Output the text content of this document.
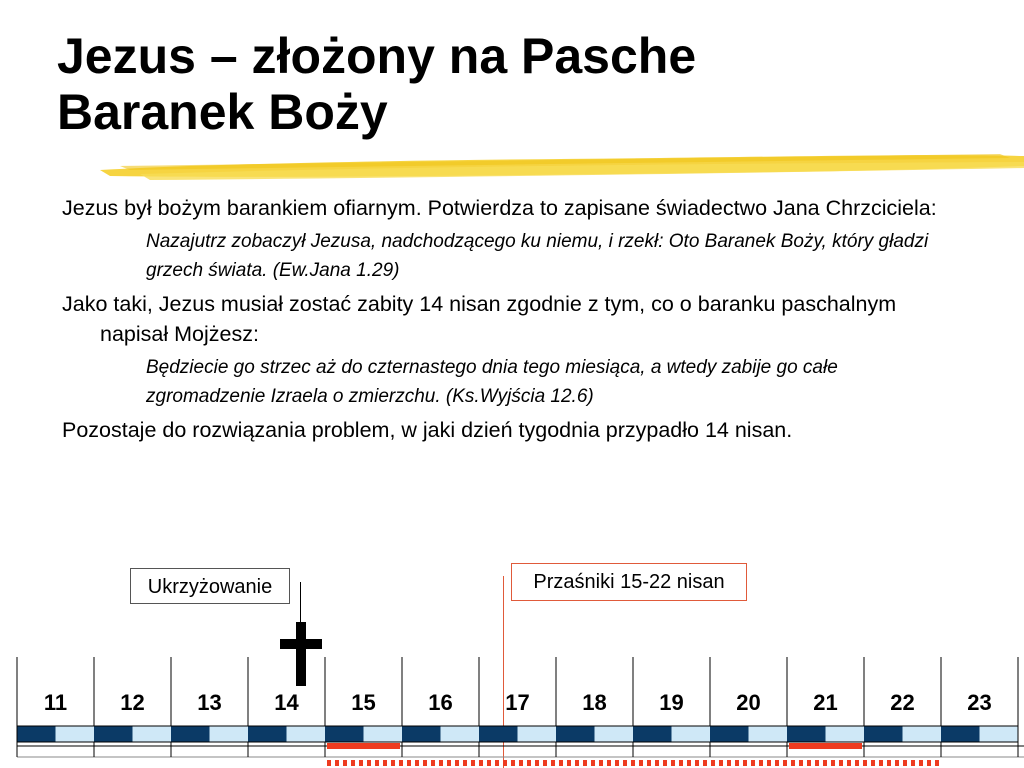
Jezus – złożony na Pasche
Baranek Boży

Jezus był bożym barankiem ofiarnym. Potwierdza to zapisane świadectwo Jana Chrzciciela:

Nazajutrz zobaczył Jezusa, nadchodzącego ku niemu, i rzekł: Oto Baranek Boży, który gładzi grzech świata. (Ew.Jana 1.29)

Jako taki, Jezus musiał zostać zabity 14 nisan zgodnie z tym, co o baranku paschalnym napisał Mojżesz:

Będziecie go strzec aż do czternastego dnia tego miesiąca, a wtedy zabije go całe zgromadzenie Izraela o zmierzchu. (Ks.Wyjścia 12.6)

Pozostaje do rozwiązania problem, w jaki dzień tygodnia przypadło 14 nisan.

Ukrzyżowanie	Przaśniki 15-22 nisan
11 12 13 14 15 16 17 18 19 20 21 22 23
